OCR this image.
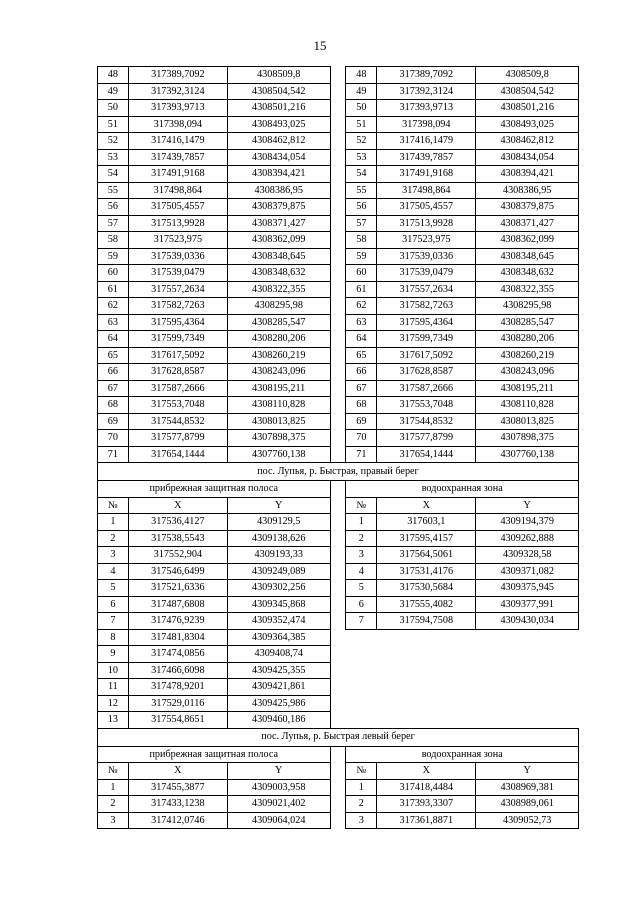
15
48	317389,7092	4308509,8		48	317389,7092	4308509,8
49	317392,3124	4308504,542		49	317392,3124	4308504,542
50	317393,9713	4308501,216		50	317393,9713	4308501,216
51	317398,094	4308493,025		51	317398,094	4308493,025
52	317416,1479	4308462,812		52	317416,1479	4308462,812
53	317439,7857	4308434,054		53	317439,7857	4308434,054
54	317491,9168	4308394,421		54	317491,9168	4308394,421
55	317498,864	4308386,95		55	317498,864	4308386,95
56	317505,4557	4308379,875		56	317505,4557	4308379,875
57	317513,9928	4308371,427		57	317513,9928	4308371,427
58	317523,975	4308362,099		58	317523,975	4308362,099
59	317539,0336	4308348,645		59	317539,0336	4308348,645
60	317539,0479	4308348,632		60	317539,0479	4308348,632
61	317557,2634	4308322,355		61	317557,2634	4308322,355
62	317582,7263	4308295,98		62	317582,7263	4308295,98
63	317595,4364	4308285,547		63	317595,4364	4308285,547
64	317599,7349	4308280,206		64	317599,7349	4308280,206
65	317617,5092	4308260,219		65	317617,5092	4308260,219
66	317628,8587	4308243,096		66	317628,8587	4308243,096
67	317587,2666	4308195,211		67	317587,2666	4308195,211
68	317553,7048	4308110,828		68	317553,7048	4308110,828
69	317544,8532	4308013,825		69	317544,8532	4308013,825
70	317577,8799	4307898,375		70	317577,8799	4307898,375
71	317654,1444	4307760,138		71	317654,1444	4307760,138
пос. Лупья, р. Быстрая, правый берег						
прибрежная защитная полоса				водоохранная зона		
№	X	Y		№	X	Y
1	317536,4127	4309129,5		1	317603,1	4309194,379
2	317538,5543	4309138,626		2	317595,4157	4309262,888
3	317552,904	4309193,33		3	317564,5061	4309328,58
4	317546,6499	4309249,089		4	317531,4176	4309371,082
5	317521,6336	4309302,256		5	317530,5684	4309375,945
6	317487,6808	4309345,868		6	317555,4082	4309377,991
7	317476,9239	4309352,474		7	317594,7508	4309430,034
8	317481,8304	4309364,385				
9	317474,0856	4309408,74				
10	317466,6098	4309425,355				
11	317478,9201	4309421,861				
12	317529,0116	4309425,986				
13	317554,8651	4309460,186				
пос. Лупья, р. Быстрая левый берег						
прибрежная защитная полоса				водоохранная зона		
№	X	Y		№	X	Y
1	317455,3877	4309003,958		1	317418,4484	4308969,381
2	317433,1238	4309021,402		2	317393,3307	4308989,061
3	317412,0746	4309064,024		3	317361,8871	4309052,73
